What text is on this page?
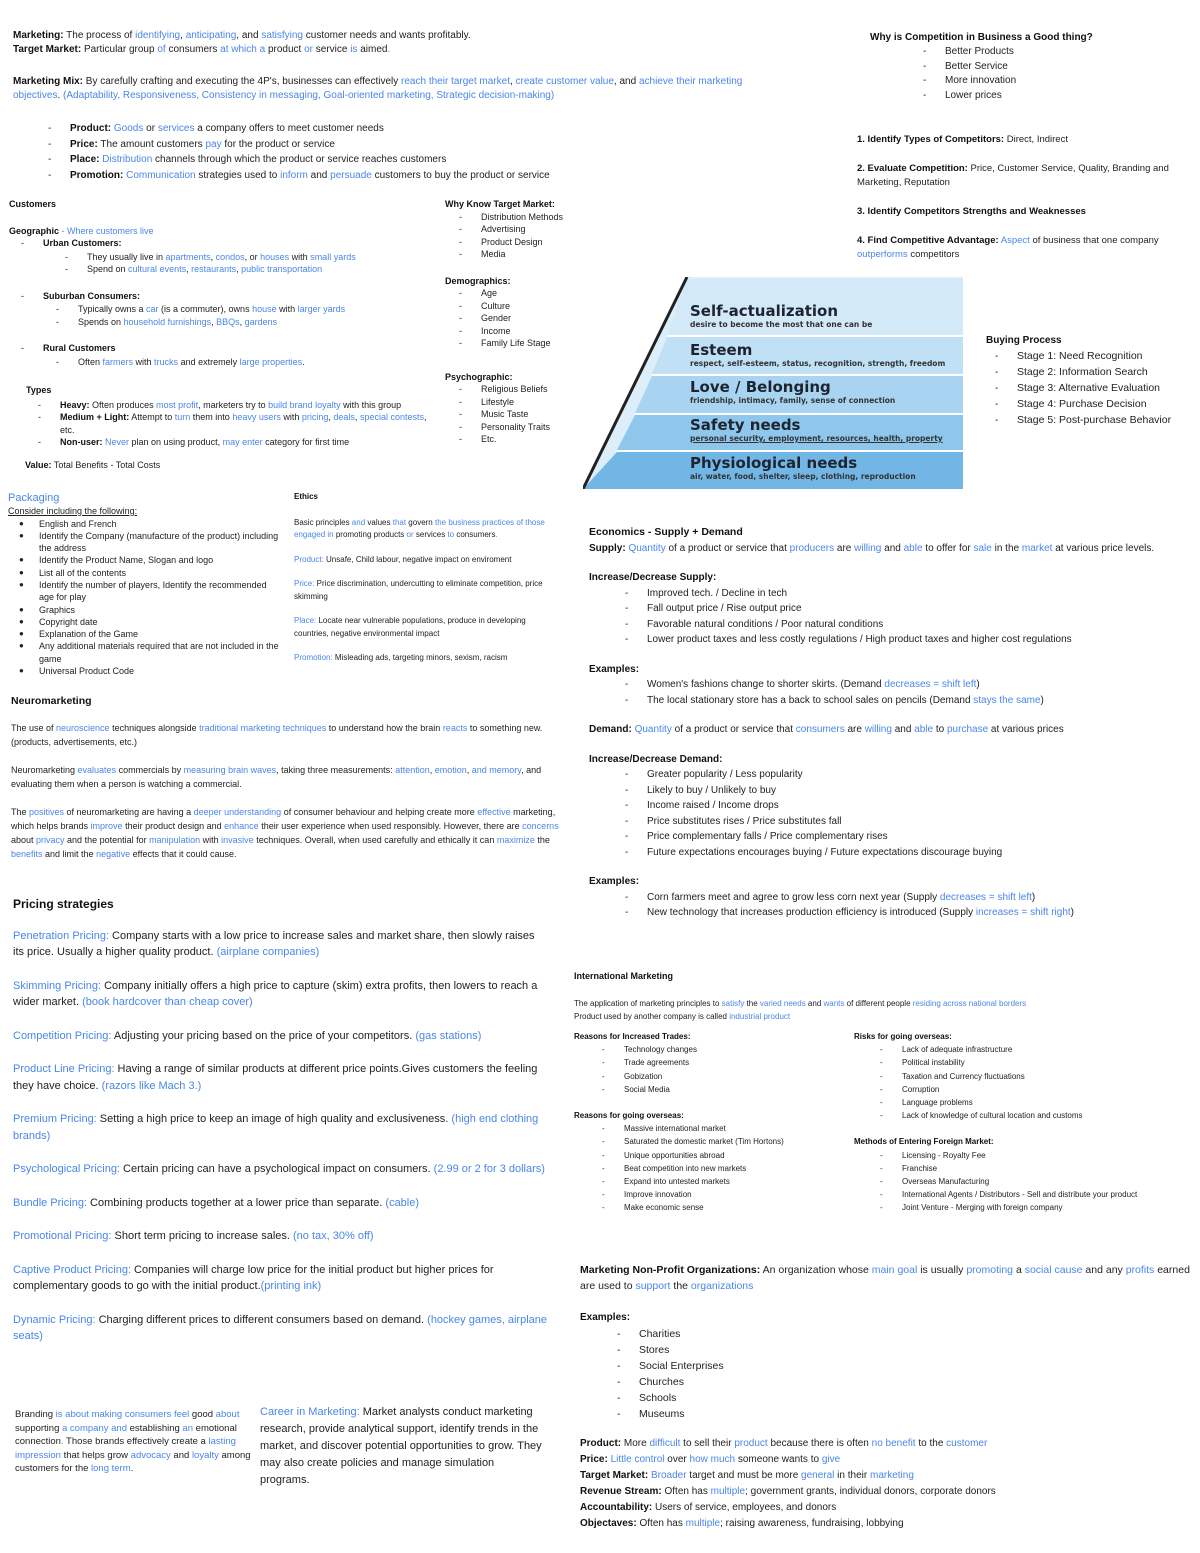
Marketing: The process of identifying, anticipating, and satisfying customer needs and wants profitably.

Target Market: Particular group of consumers at which a product or service is aimed.

Marketing Mix: By carefully crafting and executing the 4P's, businesses can effectively reach their target market, create customer value, and achieve their marketing objectives. (Adaptability, Responsiveness, Consistency in messaging, Goal-oriented marketing, Strategic decision-making)

- Product: Goods or services a company offers to meet customer needs
- Price: The amount customers pay for the product or service
- Place: Distribution channels through which the product or service reaches customers
- Promotion: Communication strategies used to inform and persuade customers to buy the product or service

Customers

Geographic - Where customers live

- Urban Customers:
- They usually live in apartments, condos, or houses with small yards
- Spend on cultural events, restaurants, public transportation
- Suburban Consumers:
- Typically owns a car (is a commuter), owns house with larger yards
- Spends on household furnishings, BBQs, gardens
- Rural Customers
- Often farmers with trucks and extremely large properties.

Types

- Heavy: Often produces most profit, marketers try to build brand loyalty with this group
- Medium + Light: Attempt to turn them into heavy users with pricing, deals, special contests, etc.
- Non-user: Never plan on using product, may enter category for first time

Value: Total Benefits - Total Costs

Why Know Target Market:

- Distribution Methods
- Advertising
- Product Design
- Media

Demographics:

- Age
- Culture
- Gender
- Income
- Family Life Stage

Psychographic:

- Religious Beliefs
- Lifestyle
- Music Taste
- Personality Traits
- Etc.

Why is Competition in Business a Good thing?

- Better Products
- Better Service
- More innovation
- Lower prices

1. Identify Types of Competitors: Direct, Indirect

2. Evaluate Competition: Price, Customer Service, Quality, Branding and Marketing, Reputation

3. Identify Competitors Strengths and Weaknesses

4. Find Competitive Advantage: Aspect of business that one company outperforms competitors

Self-actualization
desire to become the most that one can be
Esteem
respect, self-esteem, status, recognition, strength, freedom
Love / Belonging
friendship, intimacy, family, sense of connection
Safety needs
personal security, employment, resources, health, property
Physiological needs
air, water, food, shelter, sleep, clothing, reproduction

Buying Process

- Stage 1: Need Recognition
- Stage 2: Information Search
- Stage 3: Alternative Evaluation
- Stage 4: Purchase Decision
- Stage 5: Post-purchase Behavior

Packaging

Consider including the following:

● English and French
● Identify the Company (manufacture of the product) including the address
● Identify the Product Name, Slogan and logo
● List all of the contents
● Identify the number of players, Identify the recommended age for play
● Graphics
● Copyright date
● Explanation of the Game
● Any additional materials required that are not included in the game
● Universal Product Code

Ethics

Basic principles and values that govern the business practices of those engaged in promoting products or services to consumers.

Product: Unsafe, Child labour, negative impact on enviroment

Price: Price discrimination, undercutting to eliminate competition, price skimming

Place: Locate near vulnerable populations, produce in developing countries, negative environmental impact

Promotion: Misleading ads, targeting minors, sexism, racism

Neuromarketing

The use of neuroscience techniques alongside traditional marketing techniques to understand how the brain reacts to something new. (products, advertisements, etc.)

Neuromarketing evaluates commercials by measuring brain waves, taking three measurements: attention, emotion, and memory, and evaluating them when a person is watching a commercial.

The positives of neuromarketing are having a deeper understanding of consumer behaviour and helping create more effective marketing, which helps brands improve their product design and enhance their user experience when used responsibly. However, there are concerns about privacy and the potential for manipulation with invasive techniques. Overall, when used carefully and ethically it can maximize the benefits and limit the negative effects that it could cause.

Pricing strategies

Penetration Pricing: Company starts with a low price to increase sales and market share, then slowly raises its price. Usually a higher quality product. (airplane companies)

Skimming Pricing: Company initially offers a high price to capture (skim) extra profits, then lowers to reach a wider market. (book hardcover than cheap cover)

Competition Pricing: Adjusting your pricing based on the price of your competitors. (gas stations)

Product Line Pricing: Having a range of similar products at different price points.Gives customers the feeling they have choice. (razors like Mach 3.)

Premium Pricing: Setting a high price to keep an image of high quality and exclusiveness. (high end clothing brands)

Psychological Pricing: Certain pricing can have a psychological impact on consumers. (2.99 or 2 for 3 dollars)

Bundle Pricing: Combining products together at a lower price than separate. (cable)

Promotional Pricing: Short term pricing to increase sales. (no tax, 30% off)

Captive Product Pricing: Companies will charge low price for the initial product but higher prices for complementary goods to go with the initial product.(printing ink)

Dynamic Pricing: Charging different prices to different consumers based on demand. (hockey games, airplane seats)

Branding is about making consumers feel good about supporting a company and establishing an emotional connection. Those brands effectively create a lasting impression that helps grow advocacy and loyalty among customers for the long term.

Career in Marketing: Market analysts conduct marketing research, provide analytical support, identify trends in the market, and discover potential opportunities to grow. They may also create policies and manage simulation programs.

Economics - Supply + Demand

Supply: Quantity of a product or service that producers are willing and able to offer for sale in the market at various price levels.

Increase/Decrease Supply:

- Improved tech. / Decline in tech
- Fall output price / Rise output price
- Favorable natural conditions / Poor natural conditions
- Lower product taxes and less costly regulations / High product taxes and higher cost regulations

Examples:

- Women's fashions change to shorter skirts. (Demand decreases = shift left)
- The local stationary store has a back to school sales on pencils (Demand stays the same)

Demand: Quantity of a product or service that consumers are willing and able to purchase at various prices

Increase/Decrease Demand:

- Greater popularity / Less popularity
- Likely to buy / Unlikely to buy
- Income raised / Income drops
- Price substitutes rises / Price substitutes fall
- Price complementary falls / Price complementary rises
- Future expectations encourages buying / Future expectations discourage buying

Examples:

- Corn farmers meet and agree to grow less corn next year (Supply decreases = shift left)
- New technology that increases production efficiency is introduced (Supply increases = shift right)

International Marketing

The application of marketing principles to satisfy the varied needs and wants of different people residing across national borders

Product used by another company is called industrial product

Reasons for Increased Trades:

- Technology changes
- Trade agreements
- Gobization
- Social Media

Reasons for going overseas:

- Massive international market
- Saturated the domestic market (Tim Hortons)
- Unique opportunities abroad
- Beat competition into new markets
- Expand into untested markets
- Improve innovation
- Make economic sense

Risks for going overseas:

- Lack of adequate infrastructure
- Political instability
- Taxation and Currency fluctuations
- Corruption
- Language problems
- Lack of knowledge of cultural location and customs

Methods of Entering Foreign Market:

- Licensing - Royalty Fee
- Franchise
- Overseas Manufacturing
- International Agents / Distributors - Sell and distribute your product
- Joint Venture - Merging with foreign company

Marketing Non-Profit Organizations: An organization whose main goal is usually promoting a social cause and any profits earned are used to support the organizations

Examples:

- Charities
- Stores
- Social Enterprises
- Churches
- Schools
- Museums

Product: More difficult to sell their product because there is often no benefit to the customer

Price: Little control over how much someone wants to give

Target Market: Broader target and must be more general in their marketing

Revenue Stream: Often has multiple; government grants, individual donors, corporate donors

Accountability: Users of service, employees, and donors

Objectaves: Often has multiple; raising awareness, fundraising, lobbying
